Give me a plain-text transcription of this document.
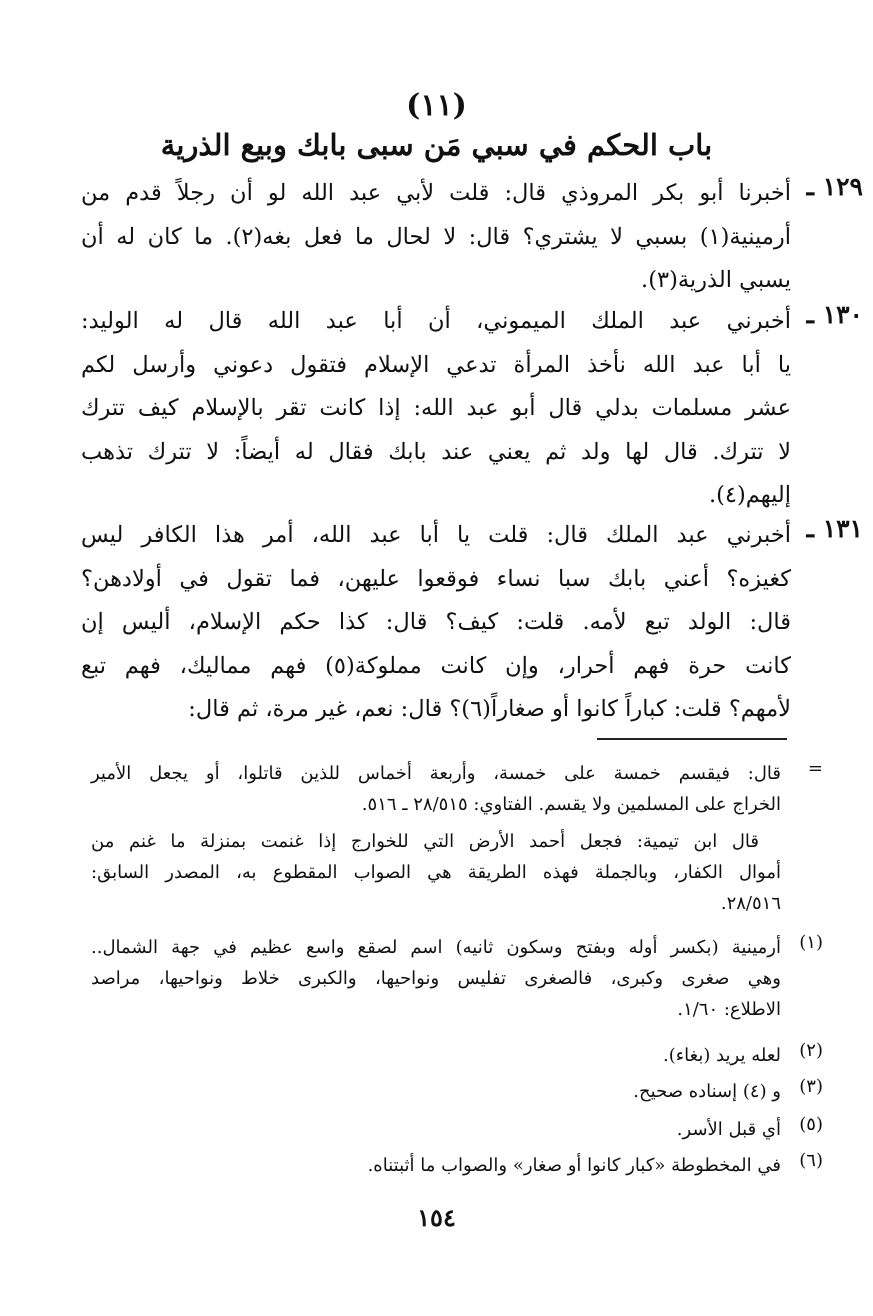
(١١)
باب الحكم في سبي مَن سبى بابك وبيع الذرية
١٢٩ ـ
أخبرنا أبو بكر المروذي قال: قلت لأبي عبد الله لو أن رجلاً قدم من
أرمينية(١) بسبي لا يشتري؟ قال: لا لحال ما فعل بغه(٢). ما كان له أن
يسبي الذرية(٣).
١٣٠ ـ
أخبرني عبد الملك الميموني، أن أبا عبد الله قال له الوليد:
يا أبا عبد الله نأخذ المرأة تدعي الإسلام فتقول دعوني وأرسل لكم
عشر مسلمات بدلي قال أبو عبد الله: إذا كانت تقر بالإسلام كيف تترك
لا تترك. قال لها ولد ثم يعني عند بابك فقال له أيضاً: لا تترك تذهب
إليهم(٤).
١٣١ ـ
أخبرني عبد الملك قال: قلت يا أبا عبد الله، أمر هذا الكافر ليس
كغيزه؟ أعني بابك سبا نساء فوقعوا عليهن، فما تقول في أولادهن؟
قال: الولد تبع لأمه. قلت: كيف؟ قال: كذا حكم الإسلام، أليس إن
كانت حرة فهم أحرار، وإن كانت مملوكة(٥) فهم مماليك، فهم تبع
لأمهم؟ قلت: كباراً كانوا أو صغاراً(٦)؟ قال: نعم، غير مرة، ثم قال:
=
قال: فيقسم خمسة على خمسة، وأربعة أخماس للذين قاتلوا، أو يجعل الأمير
الخراج على المسلمين ولا يقسم. الفتاوي: ٢٨/٥١٥ ـ ٥١٦.
قال ابن تيمية: فجعل أحمد الأرض التي للخوارج إذا غنمت بمنزلة ما غنم من
أموال الكفار، وبالجملة فهذه الطريقة هي الصواب المقطوع به، المصدر السابق:
٢٨/٥١٦.
(١)
أرمينية (بكسر أوله وبفتح وسكون ثانيه) اسم لصقع واسع عظيم في جهة الشمال..
وهي صغرى وكبرى، فالصغرى تفليس ونواحيها، والكبرى خلاط ونواحيها، مراصد
الاطلاع: ١/٦٠.
(٢)
لعله يريد (بغاء).
(٣)
و (٤) إسناده صحيح.
(٥)
أي قبل الأسر.
(٦)
في المخطوطة «كبار كانوا أو صغار» والصواب ما أثبتناه.
١٥٤
